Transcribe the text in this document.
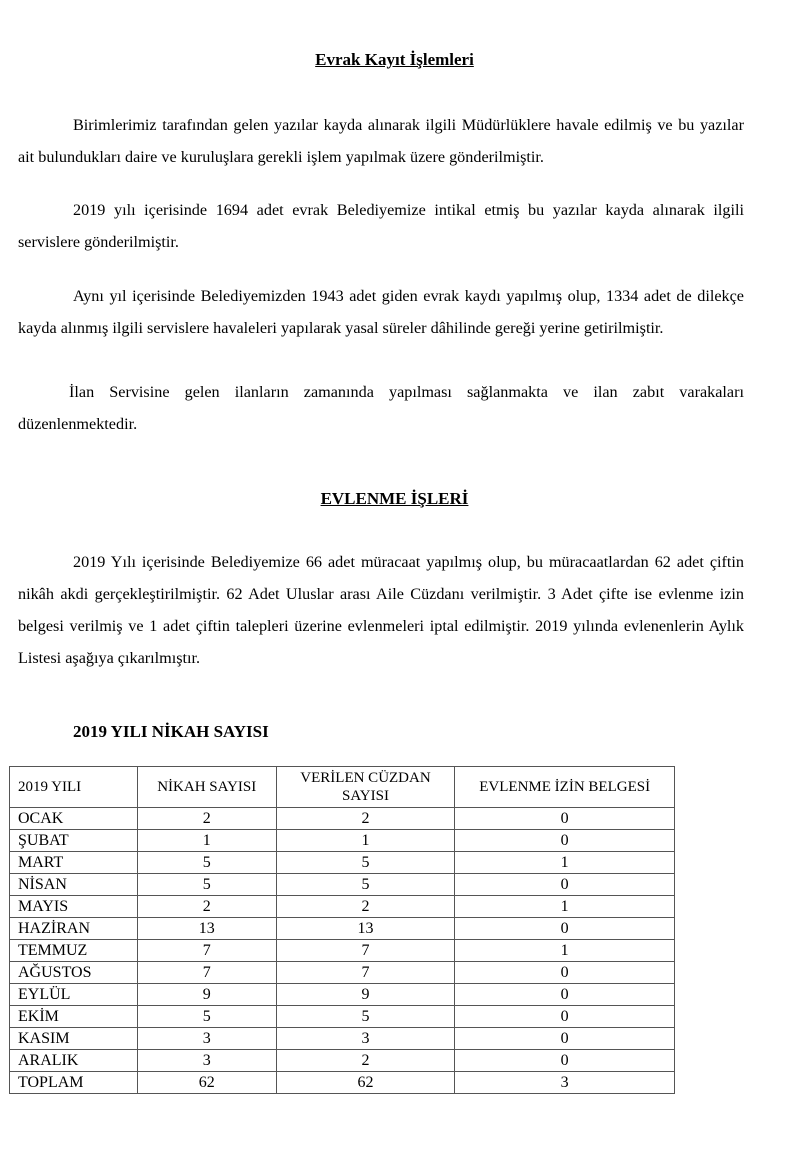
Evrak Kayıt İşlemleri

Birimlerimiz tarafından gelen yazılar kayda alınarak ilgili Müdürlüklere havale edilmiş ve bu yazılar ait bulundukları daire ve kuruluşlara gerekli işlem yapılmak üzere gönderilmiştir.

2019 yılı içerisinde 1694 adet evrak Belediyemize intikal etmiş bu yazılar kayda alınarak ilgili servislere gönderilmiştir.

Aynı yıl içerisinde Belediyemizden 1943 adet giden evrak kaydı yapılmış olup, 1334 adet de dilekçe kayda alınmış ilgili servislere havaleleri yapılarak yasal süreler dâhilinde gereği yerine getirilmiştir.

İlan Servisine gelen ilanların zamanında yapılması sağlanmakta ve ilan zabıt varakaları düzenlenmektedir.

EVLENME İŞLERİ

2019 Yılı içerisinde Belediyemize 66 adet müracaat yapılmış olup, bu müracaatlardan 62 adet çiftin nikâh akdi gerçekleştirilmiştir. 62 Adet Uluslar arası Aile Cüzdanı verilmiştir. 3 Adet çifte ise evlenme izin belgesi verilmiş ve 1 adet çiftin talepleri üzerine evlenmeleri iptal edilmiştir. 2019 yılında evlenenlerin Aylık Listesi aşağıya çıkarılmıştır.

2019 YILI NİKAH SAYISI

2019 YILI	NİKAH SAYISI	VERİLEN CÜZDAN SAYISI	EVLENME İZİN BELGESİ
OCAK	2	2	0
ŞUBAT	1	1	0
MART	5	5	1
NİSAN	5	5	0
MAYIS	2	2	1
HAZİRAN	13	13	0
TEMMUZ	7	7	1
AĞUSTOS	7	7	0
EYLÜL	9	9	0
EKİM	5	5	0
KASIM	3	3	0
ARALIK	3	2	0
TOPLAM	62	62	3
